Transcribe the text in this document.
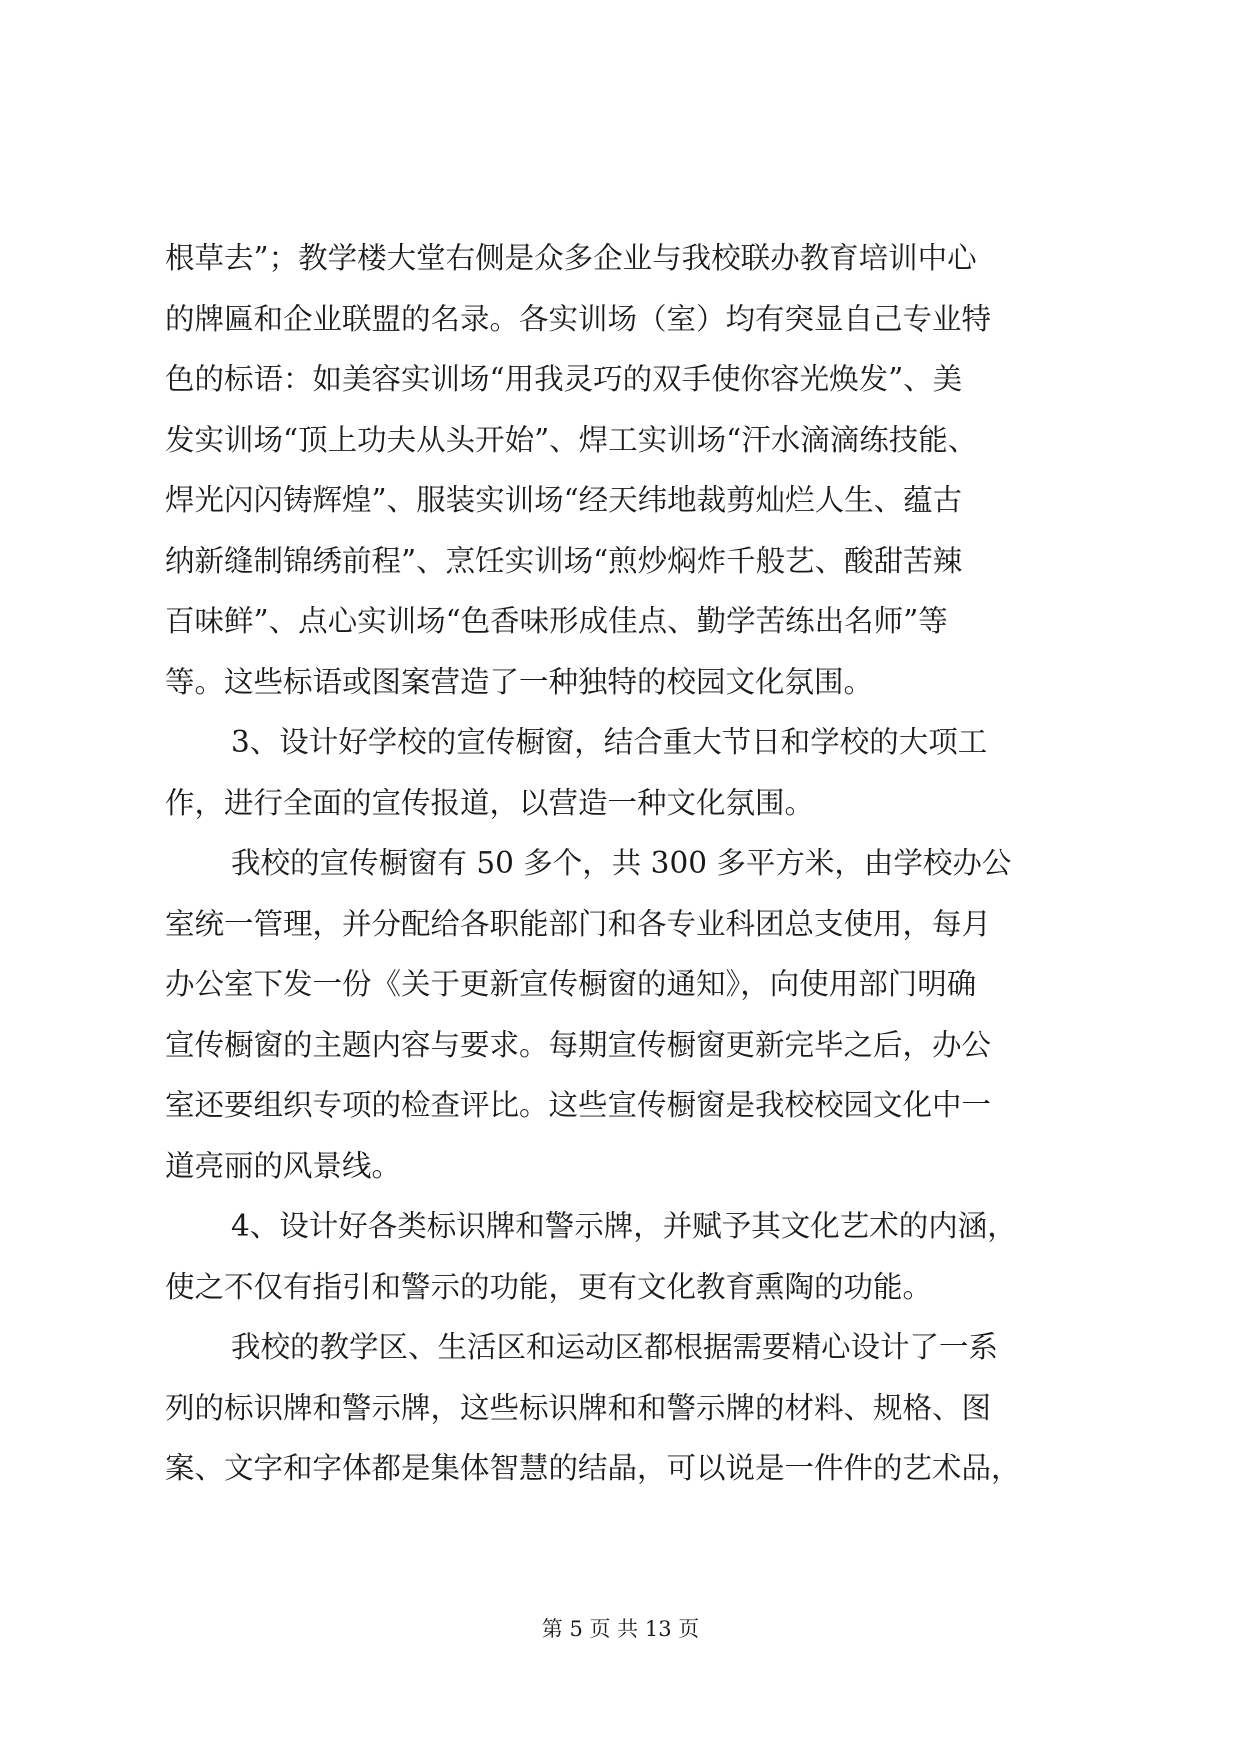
根草去”；教学楼大堂右侧是众多企业与我校联办教育培训中心
的牌匾和企业联盟的名录。各实训场（室）均有突显自己专业特
色的标语：如美容实训场“用我灵巧的双手使你容光焕发”、美
发实训场“顶上功夫从头开始”、焊工实训场“汗水滴滴练技能、
焊光闪闪铸辉煌”、服装实训场“经天纬地裁剪灿烂人生、蕴古
纳新缝制锦绣前程”、烹饪实训场“煎炒焖炸千般艺、酸甜苦辣
百味鲜”、点心实训场“色香味形成佳点、勤学苦练出名师”等
等。这些标语或图案营造了一种独特的校园文化氛围。
3、设计好学校的宣传橱窗，结合重大节日和学校的大项工
作，进行全面的宣传报道，以营造一种文化氛围。
我校的宣传橱窗有 50 多个，共 300 多平方米，由学校办公
室统一管理，并分配给各职能部门和各专业科团总支使用，每月
办公室下发一份《关于更新宣传橱窗的通知》，向使用部门明确
宣传橱窗的主题内容与要求。每期宣传橱窗更新完毕之后，办公
室还要组织专项的检查评比。这些宣传橱窗是我校校园文化中一
道亮丽的风景线。
4、设计好各类标识牌和警示牌，并赋予其文化艺术的内涵，
使之不仅有指引和警示的功能，更有文化教育熏陶的功能。
我校的教学区、生活区和运动区都根据需要精心设计了一系
列的标识牌和警示牌，这些标识牌和和警示牌的材料、规格、图
案、文字和字体都是集体智慧的结晶，可以说是一件件的艺术品，
第 5 页 共 13 页
